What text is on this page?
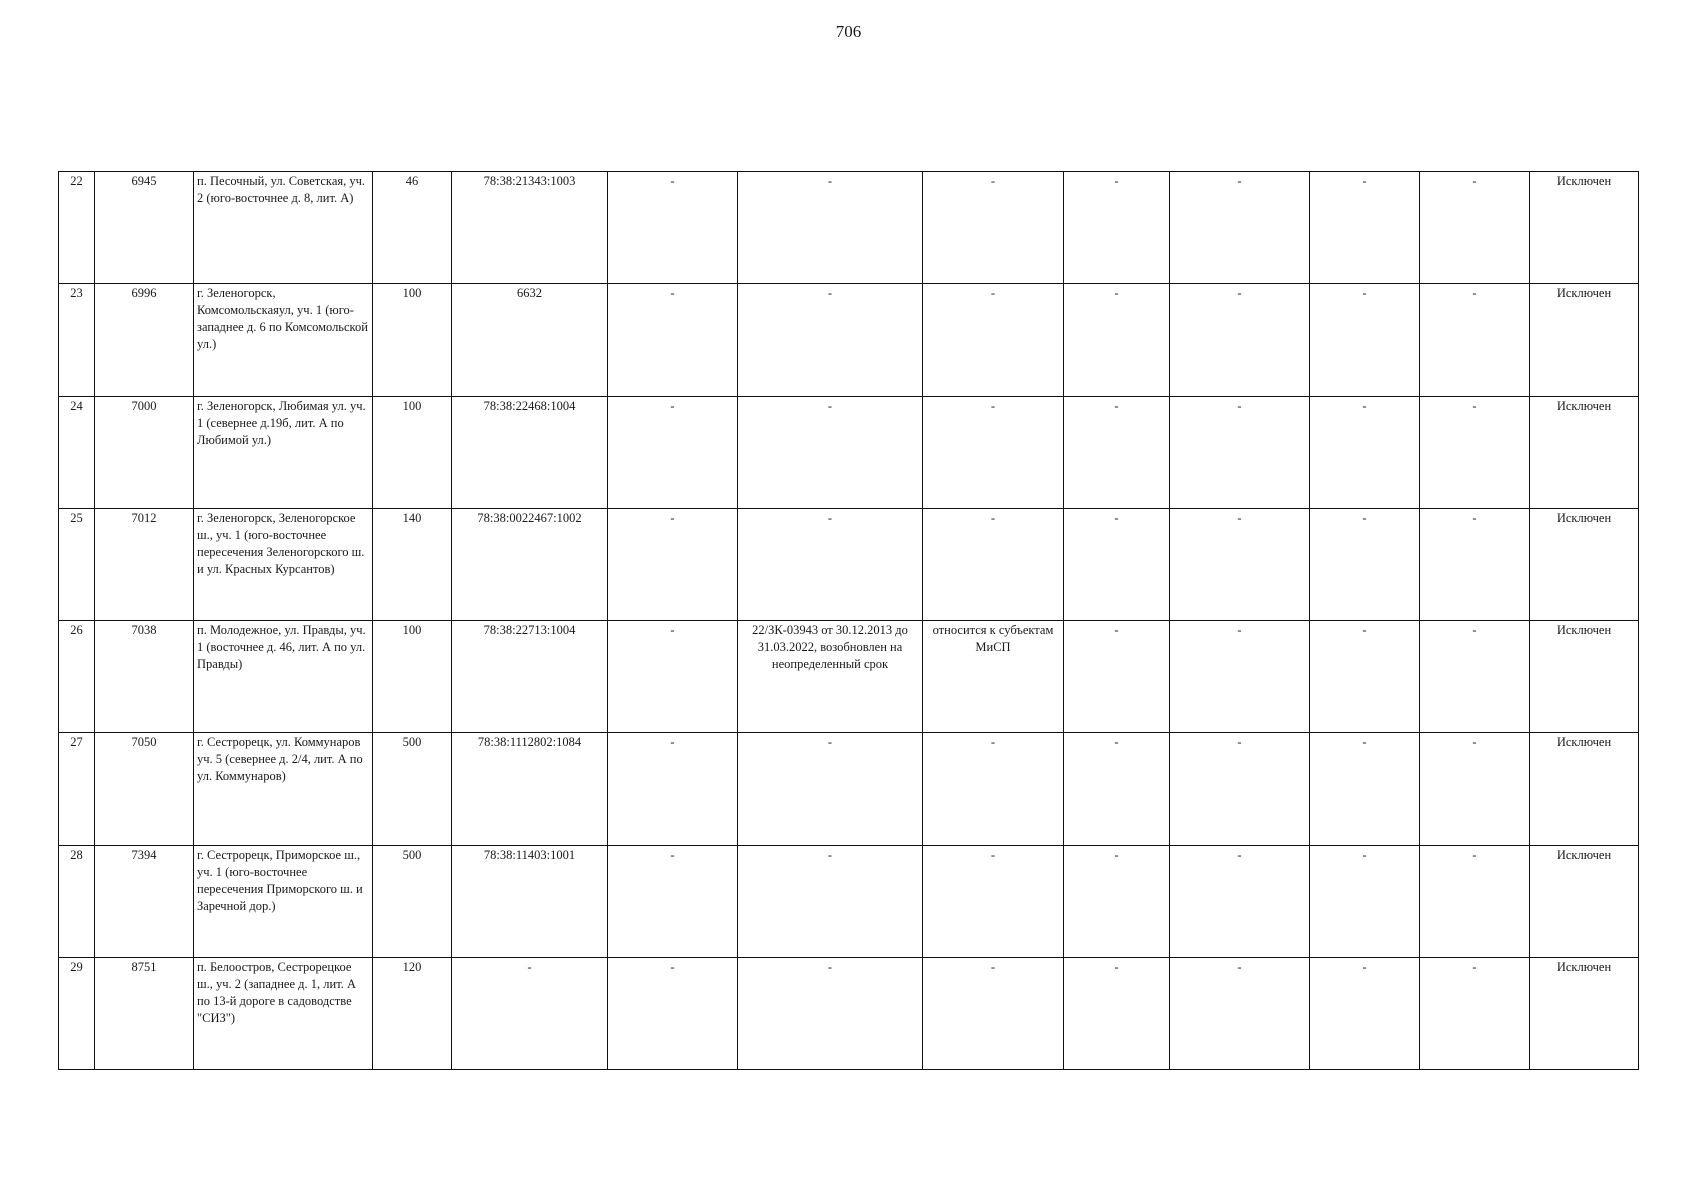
706
22	6945	п. Песочный, ул. Советская, уч. 2 (юго-восточнее д. 8, лит. А)	46	78:38:21343:1003	-	-	-	-	-	-	-	Исключен
23	6996	г. Зеленогорск, Комсомольскаяул, уч. 1 (юго-западнее д. 6 по Комсомольской ул.)	100	6632	-	-	-	-	-	-	-	Исключен
24	7000	г. Зеленогорск, Любимая ул. уч. 1 (севернее д.19б, лит. А по Любимой ул.)	100	78:38:22468:1004	-	-	-	-	-	-	-	Исключен
25	7012	г. Зеленогорск, Зеленогорское ш., уч. 1 (юго-восточнее пересечения Зеленогорского ш. и ул. Красных Курсантов)	140	78:38:0022467:1002	-	-	-	-	-	-	-	Исключен
26	7038	п. Молодежное, ул. Правды, уч. 1 (восточнее д. 46, лит. А по ул. Правды)	100	78:38:22713:1004	-	22/ЗК-03943 от 30.12.2013 до 31.03.2022, возобновлен на неопределенный срок	относится к субъектам МиСП	-	-	-	-	Исключен
27	7050	г. Сестрорецк, ул. Коммунаров уч. 5 (севернее д. 2/4, лит. А по ул. Коммунаров)	500	78:38:1112802:1084	-	-	-	-	-	-	-	Исключен
28	7394	г. Сестрорецк, Приморское ш., уч. 1 (юго-восточнее пересечения Приморского ш. и Заречной дор.)	500	78:38:11403:1001	-	-	-	-	-	-	-	Исключен
29	8751	п. Белоостров, Сестрорецкое ш., уч. 2 (западнее д. 1, лит. А по 13-й дороге в садоводстве "СИЗ")	120	-	-	-	-	-	-	-	-	Исключен
